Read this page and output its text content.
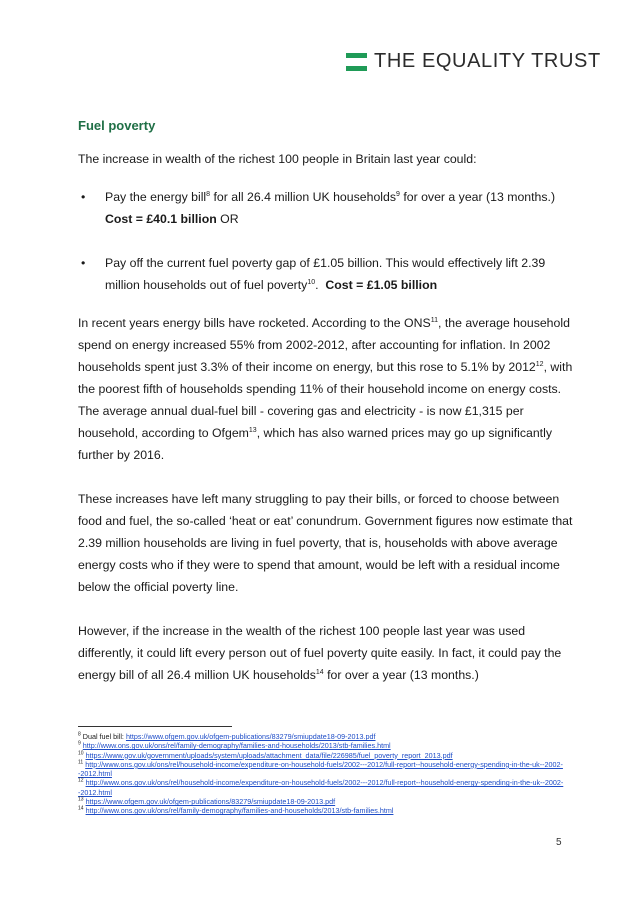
THE EQUALITY TRUST
Fuel poverty

The increase in wealth of the richest 100 people in Britain last year could:

• Pay the energy bill$^8$ for all 26.4 million UK households$^9$ for over a year (13 months.)
Cost = £40.1 billion OR
• Pay off the current fuel poverty gap of £1.05 billion. This would effectively lift 2.39 million households out of fuel poverty$^{10}$.  Cost = £1.05 billion

In recent years energy bills have rocketed. According to the ONS$^{11}$, the average household spend on energy increased 55% from 2002-2012, after accounting for inflation. In 2002 households spent just 3.3% of their income on energy, but this rose to 5.1% by 2012$^{12}$, with the poorest fifth of households spending 11% of their household income on energy costs. The average annual dual-fuel bill - covering gas and electricity - is now £1,315 per household, according to Ofgem$^{13}$, which has also warned prices may go up significantly further by 2016.

These increases have left many struggling to pay their bills, or forced to choose between food and fuel, the so-called ‘heat or eat’ conundrum. Government figures now estimate that 2.39 million households are living in fuel poverty, that is, households with above average energy costs who if they were to spend that amount, would be left with a residual income below the official poverty line.

However, if the increase in the wealth of the richest 100 people last year was used differently, it could lift every person out of fuel poverty quite easily. In fact, it could pay the energy bill of all 26.4 million UK households$^{14}$ for over a year (13 months.)

$^8$ Dual fuel bill: https://www.ofgem.gov.uk/ofgem-publications/83279/smiupdate18-09-2013.pdf
$^9$ http://www.ons.gov.uk/ons/rel/family-demography/families-and-households/2013/stb-families.html
$^{10}$ https://www.gov.uk/government/uploads/system/uploads/attachment_data/file/226985/fuel_poverty_report_2013.pdf
$^{11}$ http://www.ons.gov.uk/ons/rel/household-income/expenditure-on-household-fuels/2002---2012/full-report--household-energy-spending-in-the-uk--2002--2012.html
$^{12}$ http://www.ons.gov.uk/ons/rel/household-income/expenditure-on-household-fuels/2002---2012/full-report--household-energy-spending-in-the-uk--2002--2012.html
$^{13}$ https://www.ofgem.gov.uk/ofgem-publications/83279/smiupdate18-09-2013.pdf
$^{14}$ http://www.ons.gov.uk/ons/rel/family-demography/families-and-households/2013/stb-families.html
5
